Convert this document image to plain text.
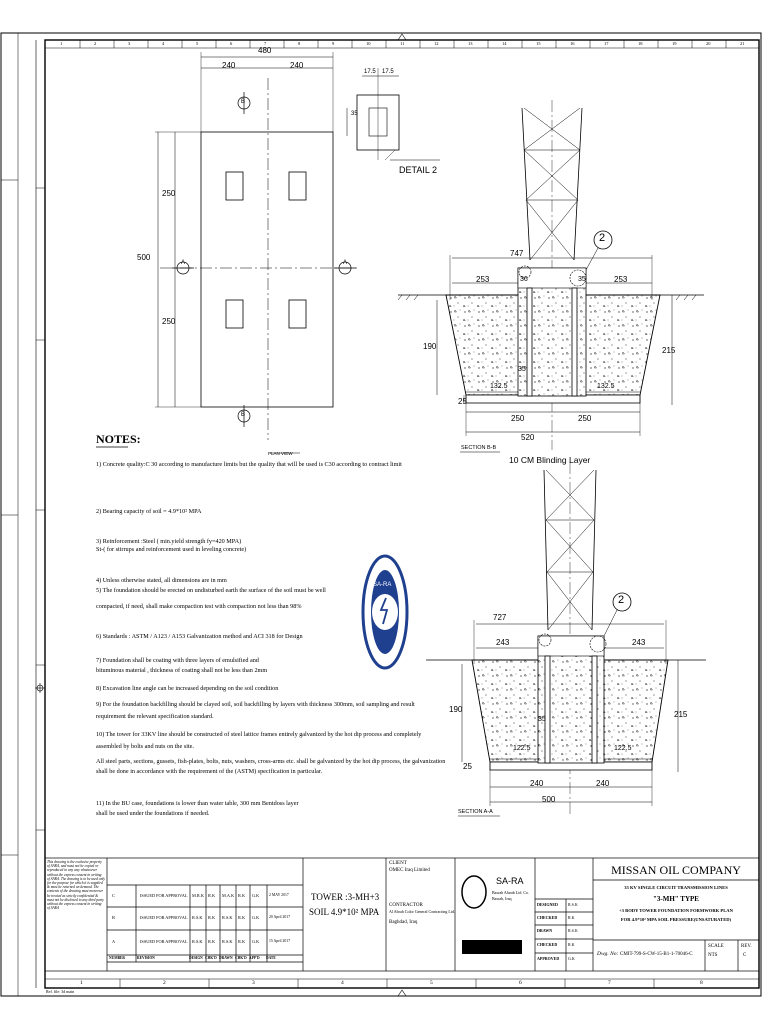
1	2	3	4	5	6	7	8	9	10	11	12	13	14	15	16	17	18	19	20	21
1	2	3	4	5	6	7	8
Ref. file: 3d main
480
240	240
500
250
250
B
B
A	A
PLAN VIEW
17.5 17.5
35
DETAIL 2
747
253	253
36	35
190	215
35
132.5	132.5
25
250	250
520
2
SECTION B-B
10 CM Blinding Layer
727
243	243
190
215
35
122.5	122.5
25
240	240
500
2
SECTION A-A
SA-RA
NOTES:
1) Concrete quality:C 30 according to manufacture limits but the quality that will be used is C30 according to contract limit
2) Bearing capacity of soil = 4.9*10² MPA
3) Reinforcement :Steel ( min.yield strength fy=420 MPA)
St-( for stirrups and reinforcement used in leveling concrete)
4) Unless otherwise stated, all dimensions are in mm
5) The foundation should be erected on undisturbed earth the surface of the soil must be well
compacted, if need, shall make compaction test with compaction not less than 98%
6) Standards : ASTM / A123 / A153 Galvanization method and ACI 318 for Design
7) Foundation shall be coating with three layers of emulsified and
bituminous material , thickness of coating shall not be less than 2mm
8) Excavation line angle can be increased depending on the soil condition
9) For the foundation backfilling should be clayed soil, soil backfilling by layers with thickness 300mm, soil sampling and result
requirement the relevant specification standard.
10) The tower for 33KV line should be constructed of steel lattice frames entirely galvanized by the hot dip process and completely
assembled by bolts and nuts on the site.
All steel parts, sections, gussets, fish-plates, bolts, nuts, washers, cross-arms etc. shall be galvanized by the hot dip process, the galvanization
shall be done in accordance with the requirement of the (ASTM) specification in particular.
11) In the BU case, foundations is lower than water table, 300 mm Bentdoss layer
shall be used under the foundations if needed.
This drawing is the exclusive property of SARA, and must not be copied or reproduced in any way whatsoever without the express consent in writing of SARA. The drawing is to be used only for the purpose for which it is supplied & must be returned on demand. The contents of the drawing must moreover be treated as strictly confidential & must not be disclosed to any third party without the express consent in writing of SARA
C	ISSUED FOR APPROVAL M.R.K R.K M.A.K R.K G.K	2 MAY 2017
B	ISSUED FOR APPROVAL R.S.K R.K R.S.K R.K G.K	20 April 2017
A	ISSUED FOR APPROVAL R.S.K R.K R.S.K R.K G.K	15 April 2017
NUMBER	REVISION	DESIGN CHK'D DRAWN CHK'D APP'D DATE
TOWER :3-MH+3
SOIL 4.9*10² MPA
CLIENT
OMEC Iraq Limited
CONTRACTOR
Al Abrah Color General Contracting Ltd.
Baghdad, Iraq
SA-RA
Basrah Alarab Ltd. Co.
Basrah, Iraq
DESIGNED	R.S.K
CHECKED	R.K
DRAWN	R.S.K
CHECKED	R.K
APPROVED G.K
MISSAN OIL COMPANY
33 KV SINGLE CIRCUIT TRANSMISSION LINES
"3-MH" TYPE
+3 BODY TOWER FOUNDATION FORMWORK PLAN
FOR 4.9*10² MPA SOIL PRESSURE(UNSATURATED)
Dwg. No: CMIT-799-S-CW-15-B1-1-70046-C
SCALE
NTS
REV.
C
